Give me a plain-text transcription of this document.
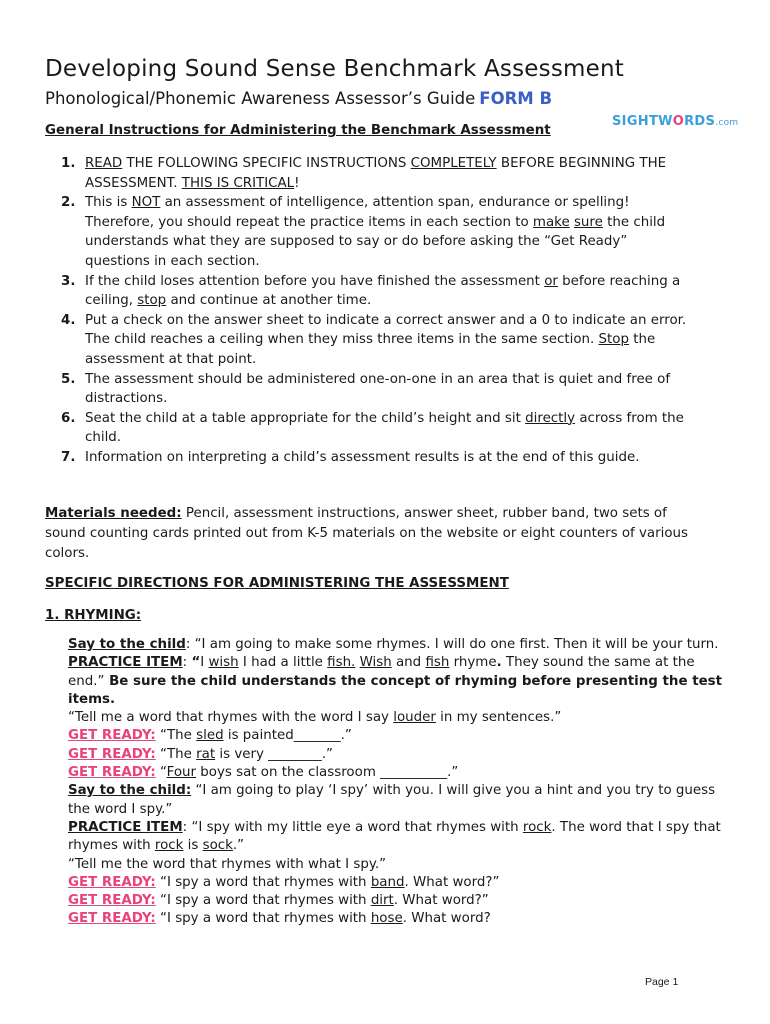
Developing Sound Sense Benchmark Assessment
Phonological/Phonemic Awareness Assessor’s Guide FORM B
SIGHTWORDS.com
General Instructions for Administering the Benchmark Assessment
1. READ THE FOLLOWING SPECIFIC INSTRUCTIONS COMPLETELY BEFORE BEGINNING THE ASSESSMENT. THIS IS CRITICAL!
2. This is NOT an assessment of intelligence, attention span, endurance or spelling! Therefore, you should repeat the practice items in each section to make sure the child understands what they are supposed to say or do before asking the “Get Ready” questions in each section.
3. If the child loses attention before you have finished the assessment or before reaching a ceiling, stop and continue at another time.
4. Put a check on the answer sheet to indicate a correct answer and a 0 to indicate an error. The child reaches a ceiling when they miss three items in the same section. Stop the assessment at that point.
5. The assessment should be administered one-on-one in an area that is quiet and free of distractions.
6. Seat the child at a table appropriate for the child’s height and sit directly across from the child.
7. Information on interpreting a child’s assessment results is at the end of this guide.
Materials needed: Pencil, assessment instructions, answer sheet, rubber band, two sets of sound counting cards printed out from K-5 materials on the website or eight counters of various colors.
SPECIFIC DIRECTIONS FOR ADMINISTERING THE ASSESSMENT
1. RHYMING:
Say to the child: “I am going to make some rhymes. I will do one first. Then it will be your turn.
PRACTICE ITEM: “I wish I had a little fish. Wish and fish rhyme. They sound the same at the end.” Be sure the child understands the concept of rhyming before presenting the test items.
“Tell me a word that rhymes with the word I say louder in my sentences.”
GET READY: “The sled is painted_______.”
GET READY: “The rat is very ________.”
GET READY: “Four boys sat on the classroom __________.”
Say to the child: “I am going to play ‘I spy’ with you. I will give you a hint and you try to guess the word I spy.”
PRACTICE ITEM: “I spy with my little eye a word that rhymes with rock. The word that I spy that rhymes with rock is sock.”
“Tell me the word that rhymes with what I spy.”
GET READY: “I spy a word that rhymes with band. What word?”
GET READY: “I spy a word that rhymes with dirt. What word?”
GET READY: “I spy a word that rhymes with hose. What word?
Page 1
